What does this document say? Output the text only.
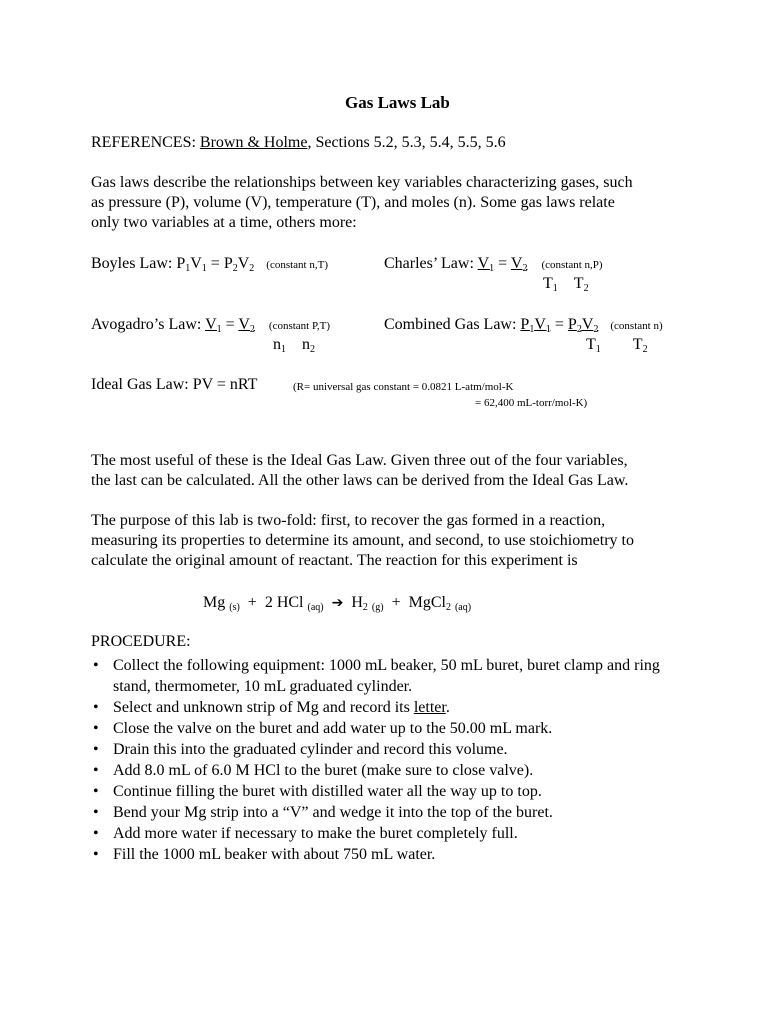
Gas Laws Lab
REFERENCES: Brown & Holme, Sections 5.2, 5.3, 5.4, 5.5, 5.6
Gas laws describe the relationships between key variables characterizing gases, such
as pressure (P), volume (V), temperature (T), and moles (n). Some gas laws relate
only two variables at a time, others more:
Boyles Law: $P_1V_1 = P_2V_2$ (constant n,T)	Charles’ Law: $V_1 = V_2$ (constant n,P)
$T_1$    $T_2$
Avogadro’s Law: $V_1 = V_2$ (constant P,T)
$n_1$    $n_2$
Combined Gas Law: $P_1V_1 = P_2V_2$ (constant n)
$T_1$        $T_2$
Ideal Gas Law: PV = nRT	(R= universal gas constant = 0.0821 L-atm/mol-K
= 62,400 mL-torr/mol-K)
The most useful of these is the Ideal Gas Law. Given three out of the four variables,
the last can be calculated. All the other laws can be derived from the Ideal Gas Law.
The purpose of this lab is two-fold: first, to recover the gas formed in a reaction,
measuring its properties to determine its amount, and second, to use stoichiometry to
calculate the original amount of reactant. The reaction for this experiment is
Mg $_{(s)}$  +  2 HCl $_{(aq)}$ ➔  $H_2$ $_{(g)}$  +  MgCl$_2$ $_{(aq)}$
PROCEDURE:
• Collect the following equipment: 1000 mL beaker, 50 mL buret, buret clamp and ring stand, thermometer, 10 mL graduated cylinder.
• Select and unknown strip of Mg and record its letter.
• Close the valve on the buret and add water up to the 50.00 mL mark.
• Drain this into the graduated cylinder and record this volume.
• Add 8.0 mL of 6.0 M HCl to the buret (make sure to close valve).
• Continue filling the buret with distilled water all the way up to top.
• Bend your Mg strip into a “V” and wedge it into the top of the buret.
• Add more water if necessary to make the buret completely full.
• Fill the 1000 mL beaker with about 750 mL water.
